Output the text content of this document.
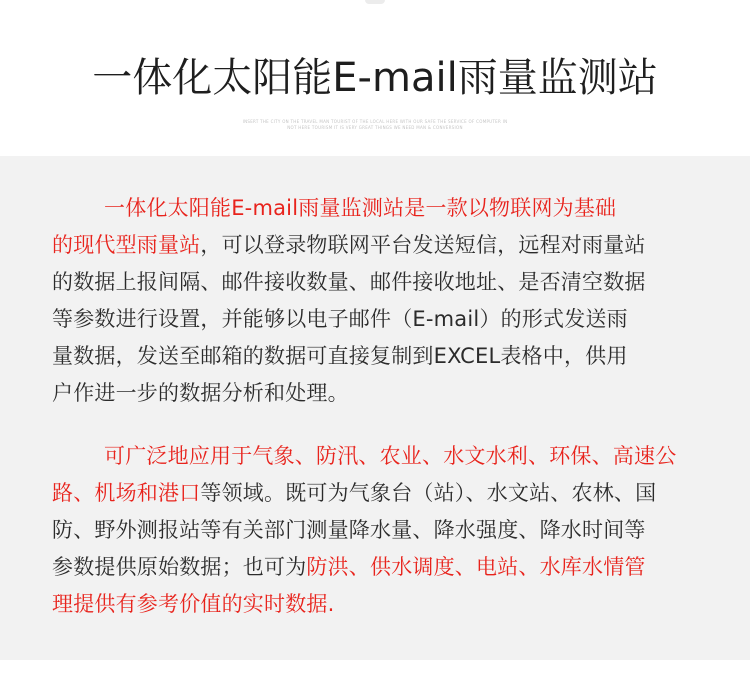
一体化太阳能E-mail雨量监测站
INSERT THE CITY ON THE TRAVEL MAN TOURIST OF THE LOCAL HERE WITH OUR SAFE THE SERVICE OF COMPUTER IN
NOT HERE TOURISM IT IS VERY GREAT THINGS WE NEED MAN & CONVERSION

一体化太阳能E-mail雨量监测站是一款以物联网为基础
的现代型雨量站，可以登录物联网平台发送短信，远程对雨量站
的数据上报间隔、邮件接收数量、邮件接收地址、是否清空数据
等参数进行设置，并能够以电子邮件（E-mail）的形式发送雨
量数据，发送至邮箱的数据可直接复制到EXCEL表格中，供用
户作进一步的数据分析和处理。

可广泛地应用于气象、防汛、农业、水文水利、环保、高速公
路、机场和港口等领域。既可为气象台（站）、水文站、农林、国
防、野外测报站等有关部门测量降水量、降水强度、降水时间等
参数提供原始数据；也可为防洪、供水调度、电站、水库水情管
理提供有参考价值的实时数据.
